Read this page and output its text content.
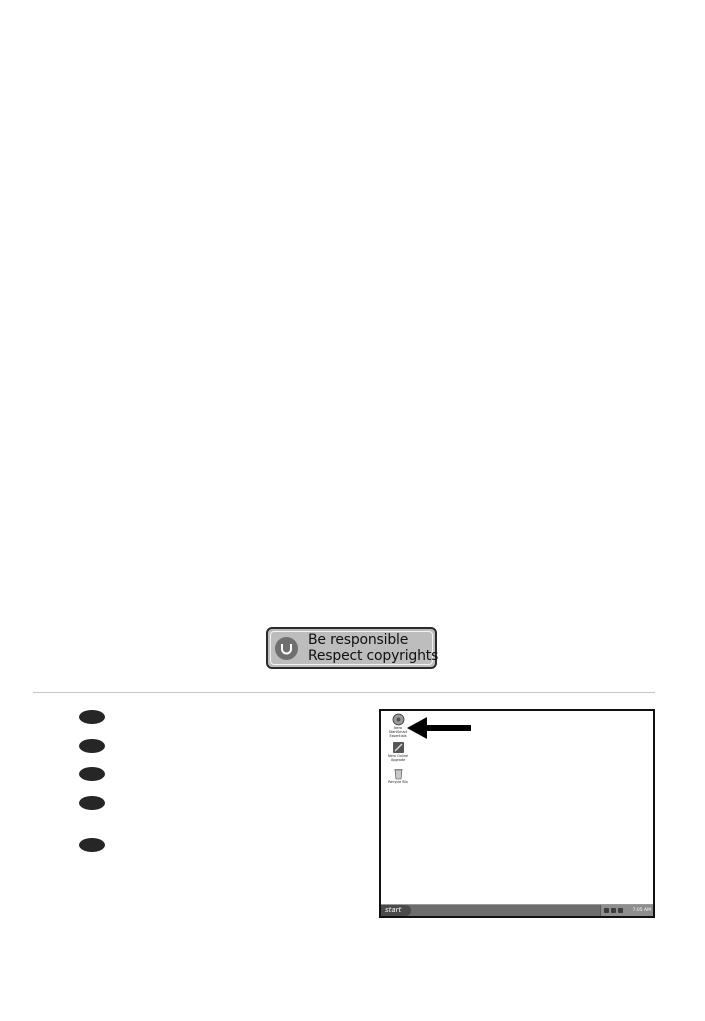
Be responsible
Respect copyrights
Nero
StartSmart
Essentials
Nero Online
Upgrade
Recycle Bin
start	7:05 AM
